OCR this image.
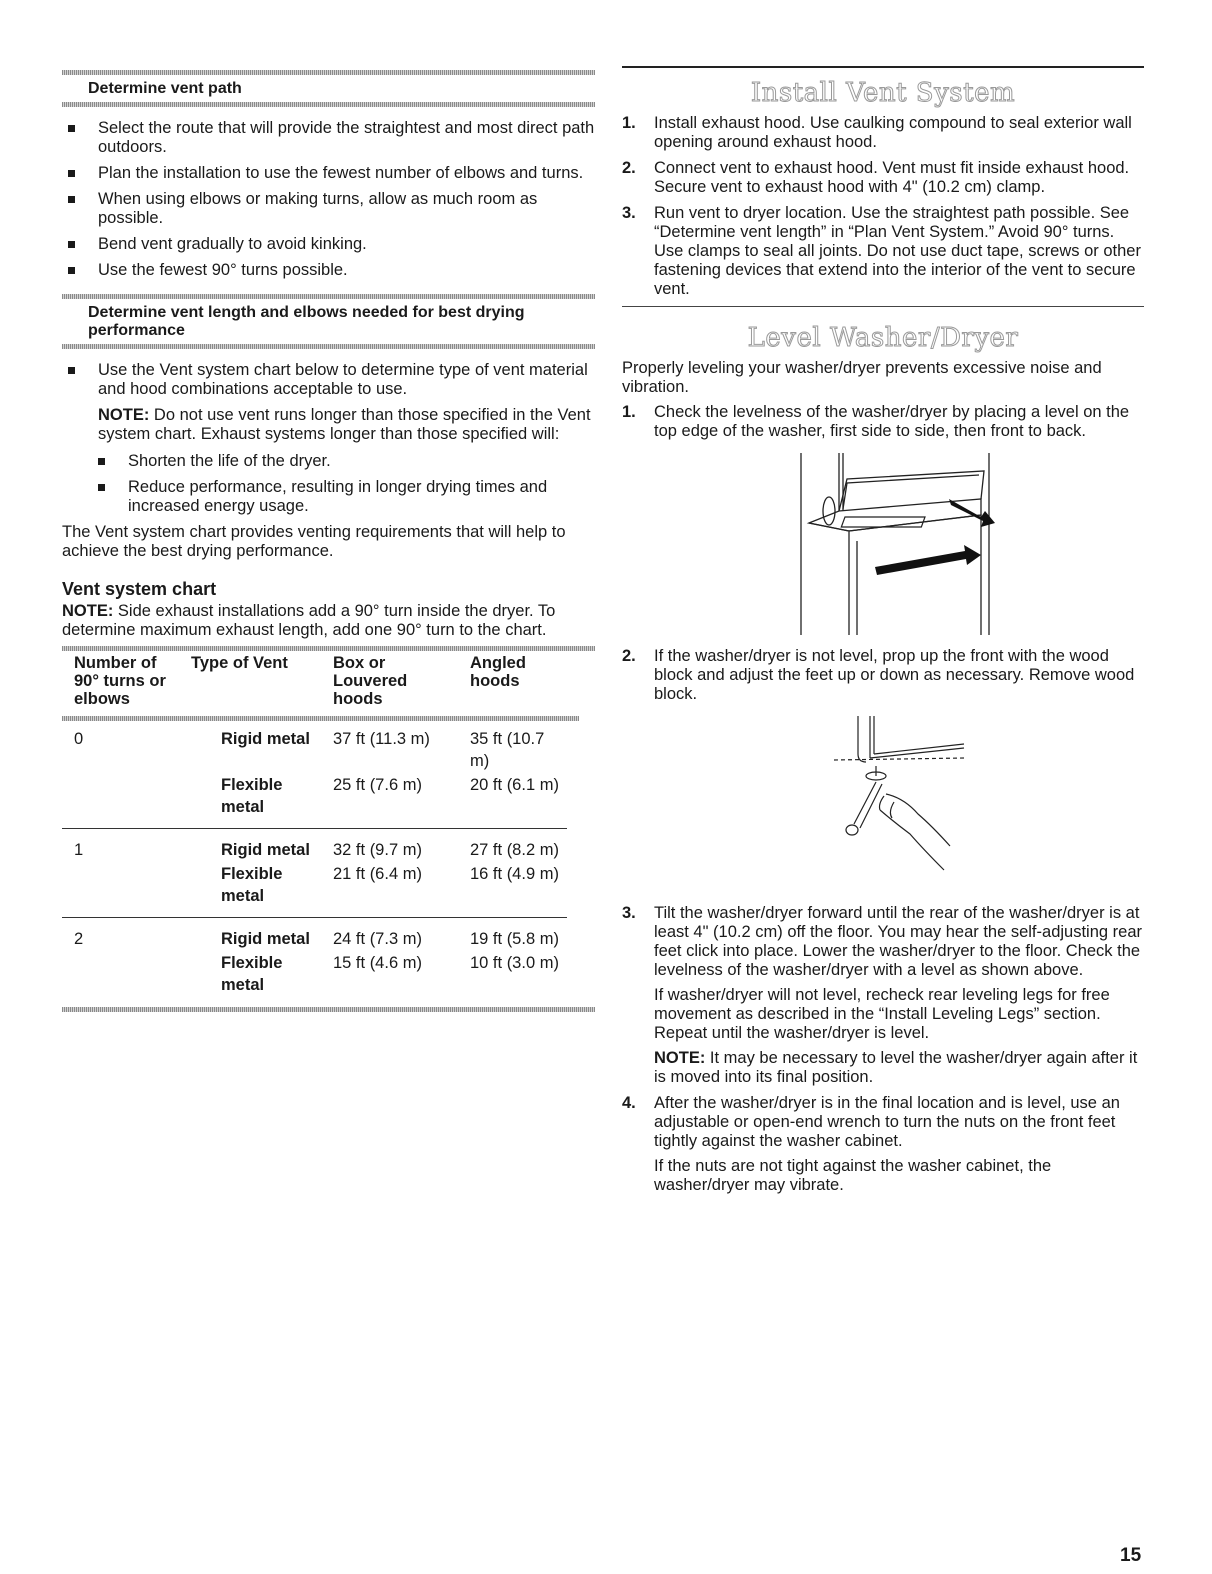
Determine vent path
Select the route that will provide the straightest and most direct path outdoors.
Plan the installation to use the fewest number of elbows and turns.
When using elbows or making turns, allow as much room as possible.
Bend vent gradually to avoid kinking.
Use the fewest 90° turns possible.
Determine vent length and elbows needed for best drying performance
Use the Vent system chart below to determine type of vent material and hood combinations acceptable to use.

NOTE: Do not use vent runs longer than those specified in the Vent system chart. Exhaust systems longer than those specified will:

Shorten the life of the dryer.
Reduce performance, resulting in longer drying times and increased energy usage.

The Vent system chart provides venting requirements that will help to achieve the best drying performance.

Vent system chart

NOTE: Side exhaust installations add a 90° turn inside the dryer. To determine maximum exhaust length, add one 90° turn to the chart.

Number of 90° turns or elbows	Type of Vent	Box or Louvered hoods	Angled hoods

0	Rigid metal	37 ft (11.3 m)	35 ft (10.7 m)
	Flexible metal	25 ft (7.6 m)	20 ft (6.1 m)
1	Rigid metal	32 ft (9.7 m)	27 ft (8.2 m)
	Flexible metal	21 ft (6.4 m)	16 ft (4.9 m)
2	Rigid metal	24 ft (7.3 m)	19 ft (5.8 m)
	Flexible metal	15 ft (4.6 m)	10 ft (3.0 m)
Install Vent System
1. Install exhaust hood. Use caulking compound to seal exterior wall opening around exhaust hood.
2. Connect vent to exhaust hood. Vent must fit inside exhaust hood. Secure vent to exhaust hood with 4" (10.2 cm) clamp.
3. Run vent to dryer location. Use the straightest path possible. See “Determine vent length” in “Plan Vent System.” Avoid 90° turns. Use clamps to seal all joints. Do not use duct tape, screws or other fastening devices that extend into the interior of the vent to secure vent.
Level Washer/Dryer

Properly leveling your washer/dryer prevents excessive noise and vibration.

1. Check the levelness of the washer/dryer by placing a level on the top edge of the washer, first side to side, then front to back.
2. If the washer/dryer is not level, prop up the front with the wood block and adjust the feet up or down as necessary. Remove wood block.
3. Tilt the washer/dryer forward until the rear of the washer/dryer is at least 4" (10.2 cm) off the floor. You may hear the self-adjusting rear feet click into place. Lower the washer/dryer to the floor. Check the levelness of the washer/dryer with a level as shown above.

If washer/dryer will not level, recheck rear leveling legs for free movement as described in the “Install Leveling Legs” section. Repeat until the washer/dryer is level.

NOTE: It may be necessary to level the washer/dryer again after it is moved into its final position.

4. After the washer/dryer is in the final location and is level, use an adjustable or open-end wrench to turn the nuts on the front feet tightly against the washer cabinet.

If the nuts are not tight against the washer cabinet, the washer/dryer may vibrate.

15
